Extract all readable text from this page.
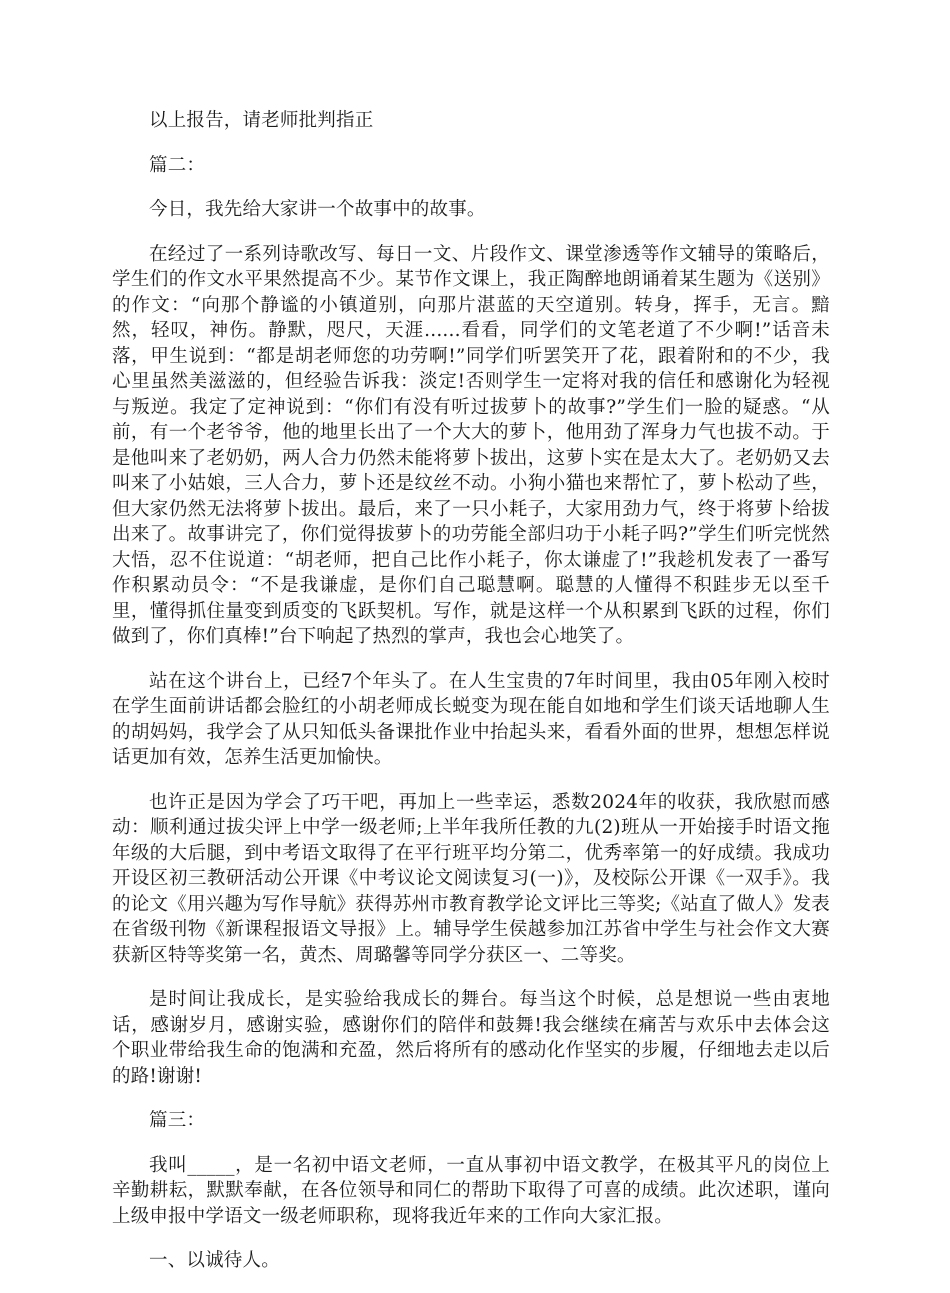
以上报告，请老师批判指正

篇二：

今日，我先给大家讲一个故事中的故事。

在经过了一系列诗歌改写、每日一文、片段作文、课堂渗透等作文辅导的策略后，学生们的作文水平果然提高不少。某节作文课上，我正陶醉地朗诵着某生题为《送别》的作文：“向那个静谧的小镇道别，向那片湛蓝的天空道别。转身，挥手，无言。黯然，轻叹，神伤。静默，咫尺，天涯......看看，同学们的文笔老道了不少啊!”话音未落，甲生说到：“都是胡老师您的功劳啊!”同学们听罢笑开了花，跟着附和的不少，我心里虽然美滋滋的，但经验告诉我：淡定!否则学生一定将对我的信任和感谢化为轻视与叛逆。我定了定神说到：“你们有没有听过拔萝卜的故事?”学生们一脸的疑惑。“从前，有一个老爷爷，他的地里长出了一个大大的萝卜，他用劲了浑身力气也拔不动。于是他叫来了老奶奶，两人合力仍然未能将萝卜拔出，这萝卜实在是太大了。老奶奶又去叫来了小姑娘，三人合力，萝卜还是纹丝不动。小狗小猫也来帮忙了，萝卜松动了些，但大家仍然无法将萝卜拔出。最后，来了一只小耗子，大家用劲力气，终于将萝卜给拔出来了。故事讲完了，你们觉得拔萝卜的功劳能全部归功于小耗子吗?”学生们听完恍然大悟，忍不住说道：“胡老师，把自己比作小耗子，你太谦虚了!”我趁机发表了一番写作积累动员令：“不是我谦虚，是你们自己聪慧啊。聪慧的人懂得不积跬步无以至千里，懂得抓住量变到质变的飞跃契机。写作，就是这样一个从积累到飞跃的过程，你们做到了，你们真棒!”台下响起了热烈的掌声，我也会心地笑了。

站在这个讲台上，已经7个年头了。在人生宝贵的7年时间里，我由05年刚入校时在学生面前讲话都会脸红的小胡老师成长蜕变为现在能自如地和学生们谈天话地聊人生的胡妈妈，我学会了从只知低头备课批作业中抬起头来，看看外面的世界，想想怎样说话更加有效，怎养生活更加愉快。

也许正是因为学会了巧干吧，再加上一些幸运，悉数2024年的收获，我欣慰而感动：顺利通过拔尖评上中学一级老师;上半年我所任教的九(2)班从一开始接手时语文拖年级的大后腿，到中考语文取得了在平行班平均分第二，优秀率第一的好成绩。我成功开设区初三教研活动公开课《中考议论文阅读复习(一)》，及校际公开课《一双手》。我的论文《用兴趣为写作导航》获得苏州市教育教学论文评比三等奖;《站直了做人》发表在省级刊物《新课程报语文导报》上。辅导学生侯越参加江苏省中学生与社会作文大赛获新区特等奖第一名，黄杰、周璐馨等同学分获区一、二等奖。

是时间让我成长，是实验给我成长的舞台。每当这个时候，总是想说一些由衷地话，感谢岁月，感谢实验，感谢你们的陪伴和鼓舞!我会继续在痛苦与欢乐中去体会这个职业带给我生命的饱满和充盈，然后将所有的感动化作坚实的步履，仔细地去走以后的路!谢谢!

篇三：

我叫_____，是一名初中语文老师，一直从事初中语文教学，在极其平凡的岗位上辛勤耕耘，默默奉献，在各位领导和同仁的帮助下取得了可喜的成绩。此次述职，谨向上级申报中学语文一级老师职称，现将我近年来的工作向大家汇报。

一、以诚待人。
